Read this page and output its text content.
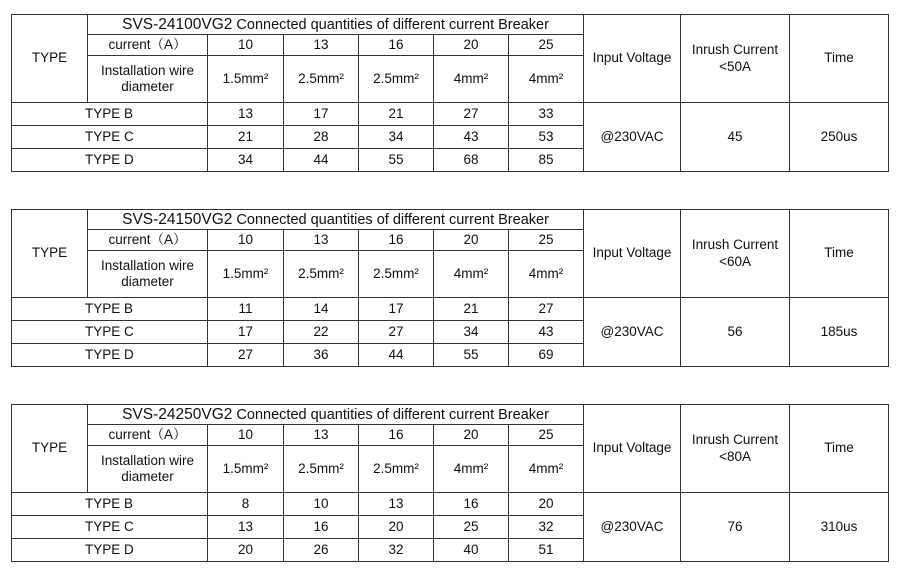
TYPE	SVS-24100VG2 Connected quantities of different current Breaker						Input Voltage	Inrush Current <50A	Time
	current（A）	10	13	16	20	25			
	Installation wire diameter	1.5mm²	2.5mm²	2.5mm²	4mm²	4mm²			
TYPE B		13	17	21	27	33	@230VAC	45	250us
TYPE C		21	28	34	43	53			
TYPE D		34	44	55	68	85			
TYPE	SVS-24150VG2 Connected quantities of different current Breaker						Input Voltage	Inrush Current <60A	Time
	current（A）	10	13	16	20	25			
	Installation wire diameter	1.5mm²	2.5mm²	2.5mm²	4mm²	4mm²			
TYPE B		11	14	17	21	27	@230VAC	56	185us
TYPE C		17	22	27	34	43			
TYPE D		27	36	44	55	69			
TYPE	SVS-24250VG2 Connected quantities of different current Breaker						Input Voltage	Inrush Current <80A	Time
	current（A）	10	13	16	20	25			
	Installation wire diameter	1.5mm²	2.5mm²	2.5mm²	4mm²	4mm²			
TYPE B		8	10	13	16	20	@230VAC	76	310us
TYPE C		13	16	20	25	32			
TYPE D		20	26	32	40	51			
